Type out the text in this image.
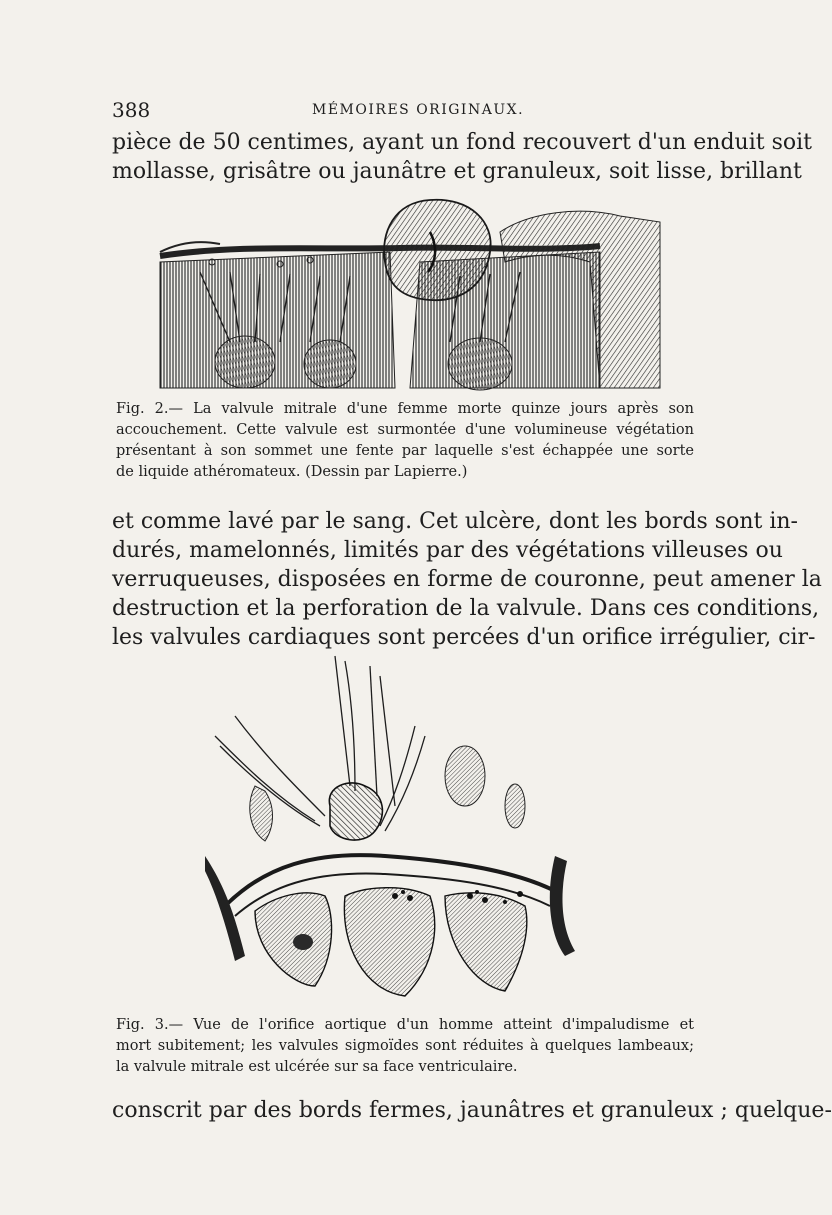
388	MÉMOIRES ORIGINAUX.
pièce de 50 centimes, ayant un fond recouvert d'un enduit soit
mollasse, grisâtre ou jaunâtre et granuleux, soit lisse, brillant
Fig. 2.— La valvule mitrale d'une femme morte quinze jours après son
accouchement. Cette valvule est surmontée d'une volumineuse végétation
présentant à son sommet une fente par laquelle s'est échappée une sorte
de liquide athéromateux. (Dessin par Lapierre.)
et comme lavé par le sang. Cet ulcère, dont les bords sont in-
durés, mamelonnés, limités par des végétations villeuses ou
verruqueuses, disposées en forme de couronne, peut amener la
destruction et la perforation de la valvule. Dans ces conditions,
les valvules cardiaques sont percées d'un orifice irrégulier, cir-
Fig. 3.— Vue de l'orifice aortique d'un homme atteint d'impaludisme et
mort subitement; les valvules sigmoïdes sont réduites à quelques lambeaux;
la valvule mitrale est ulcérée sur sa face ventriculaire.
conscrit par des bords fermes, jaunâtres et granuleux ; quelque-
